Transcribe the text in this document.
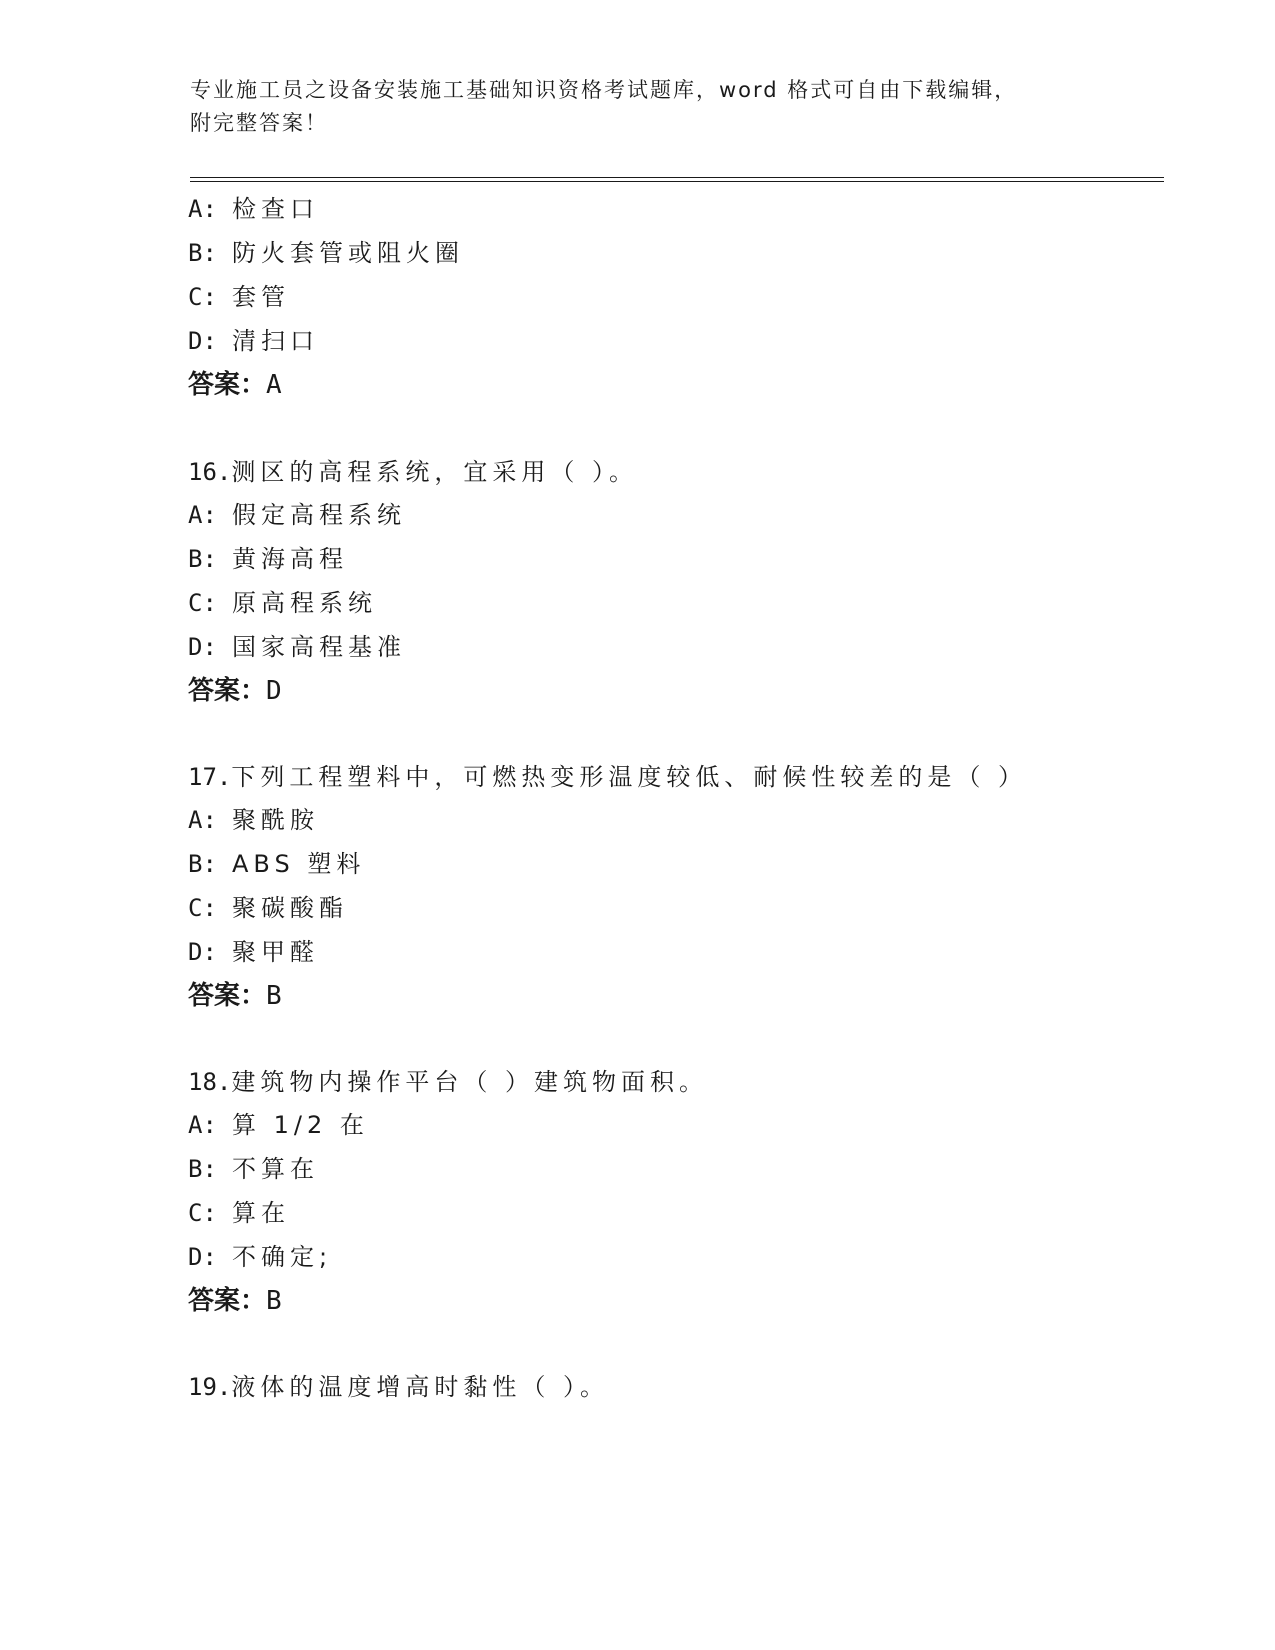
专业施工员之设备安装施工基础知识资格考试题库，word 格式可自由下载编辑，
附完整答案！
A: 检查口
B: 防火套管或阻火圈
C: 套管
D: 清扫口
答案：A
16.测区的高程系统，宜采用（ ）。
A: 假定高程系统
B: 黄海高程
C: 原高程系统
D: 国家高程基准
答案：D
17.下列工程塑料中，可燃热变形温度较低、耐候性较差的是（ ）
A: 聚酰胺
B: ABS 塑料
C: 聚碳酸酯
D: 聚甲醛
答案：B
18.建筑物内操作平台（ ）建筑物面积。
A: 算 1/2 在
B: 不算在
C: 算在
D: 不确定;
答案：B
19.液体的温度增高时黏性（ ）。
